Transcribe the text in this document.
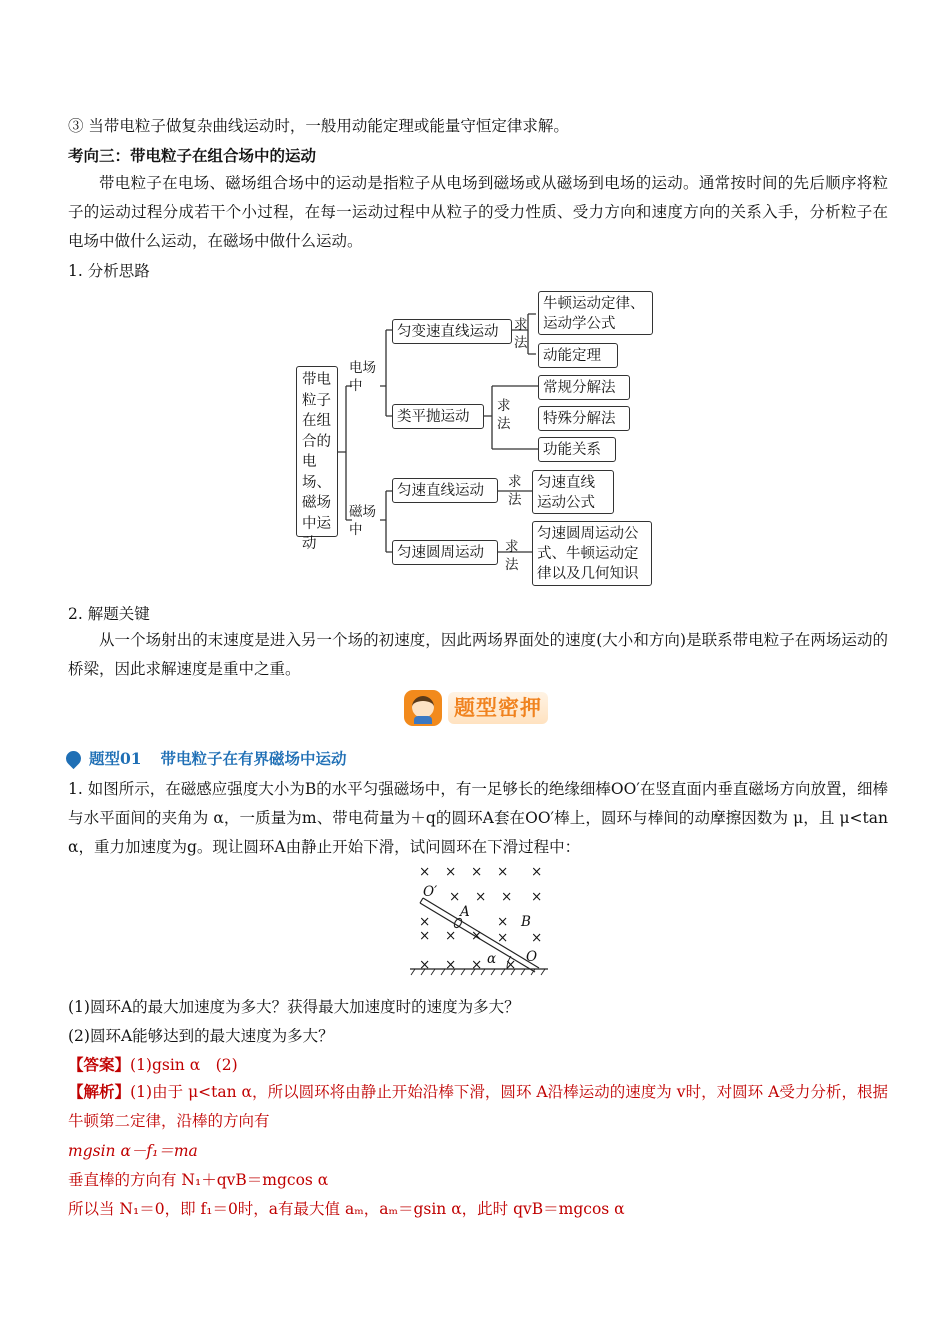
③ 当带电粒子做复杂曲线运动时，一般用动能定理或能量守恒定律求解。
考向三：带电粒子在组合场中的运动
带电粒子在电场、磁场组合场中的运动是指粒子从电场到磁场或从磁场到电场的运动。通常按时间的先后顺序将粒子的运动过程分成若干个小过程，在每一运动过程中从粒子的受力性质、受力方向和速度方向的关系入手，分析粒子在电场中做什么运动，在磁场中做什么运动。
1. 分析思路
带电粒子在组合的电场、磁场中运动
电场中
磁场中
匀变速直线运动	求法
牛顿运动定律、运动学公式
动能定理
类平抛运动
求法
常规分解法
特殊分解法
功能关系
匀速直线运动
求法
匀速直线运动公式
匀速圆周运动	求法
匀速圆周运动公式、牛顿运动定律以及几何知识
2. 解题关键
从一个场射出的末速度是进入另一个场的初速度，因此两场界面处的速度(大小和方向)是联系带电粒子在两场运动的桥梁，因此求解速度是重中之重。
题型密押
题型01 带电粒子在有界磁场中运动
1. 如图所示，在磁感应强度大小为B的水平匀强磁场中，有一足够长的绝缘细棒OO′在竖直面内垂直磁场方向放置，细棒与水平面间的夹角为 α，一质量为m、带电荷量为＋q的圆环A套在OO′棒上，圆环与棒间的动摩擦因数为 μ，且 μ<tan α，重力加速度为g。现让圆环A由静止开始下滑，试问圆环在下滑过程中：
O′
A
B
α O
× × × × ×
× × × ×
×	×
× × × × ×
× × × ×
(1)圆环A的最大加速度为多大？获得最大加速度时的速度为多大？
(2)圆环A能够达到的最大速度为多大？
【答案】(1)gsin α　(2)
【解析】(1)由于 μ<tan α，所以圆环将由静止开始沿棒下滑，圆环 A沿棒运动的速度为 v时，对圆环 A受力分析，根据牛顿第二定律，沿棒的方向有
mgsin α－f₁＝ma
垂直棒的方向有 N₁＋qvB＝mgcos α
所以当 N₁＝0，即 f₁＝0时，a有最大值 aₘ，aₘ＝gsin α，此时 qvB＝mgcos α
